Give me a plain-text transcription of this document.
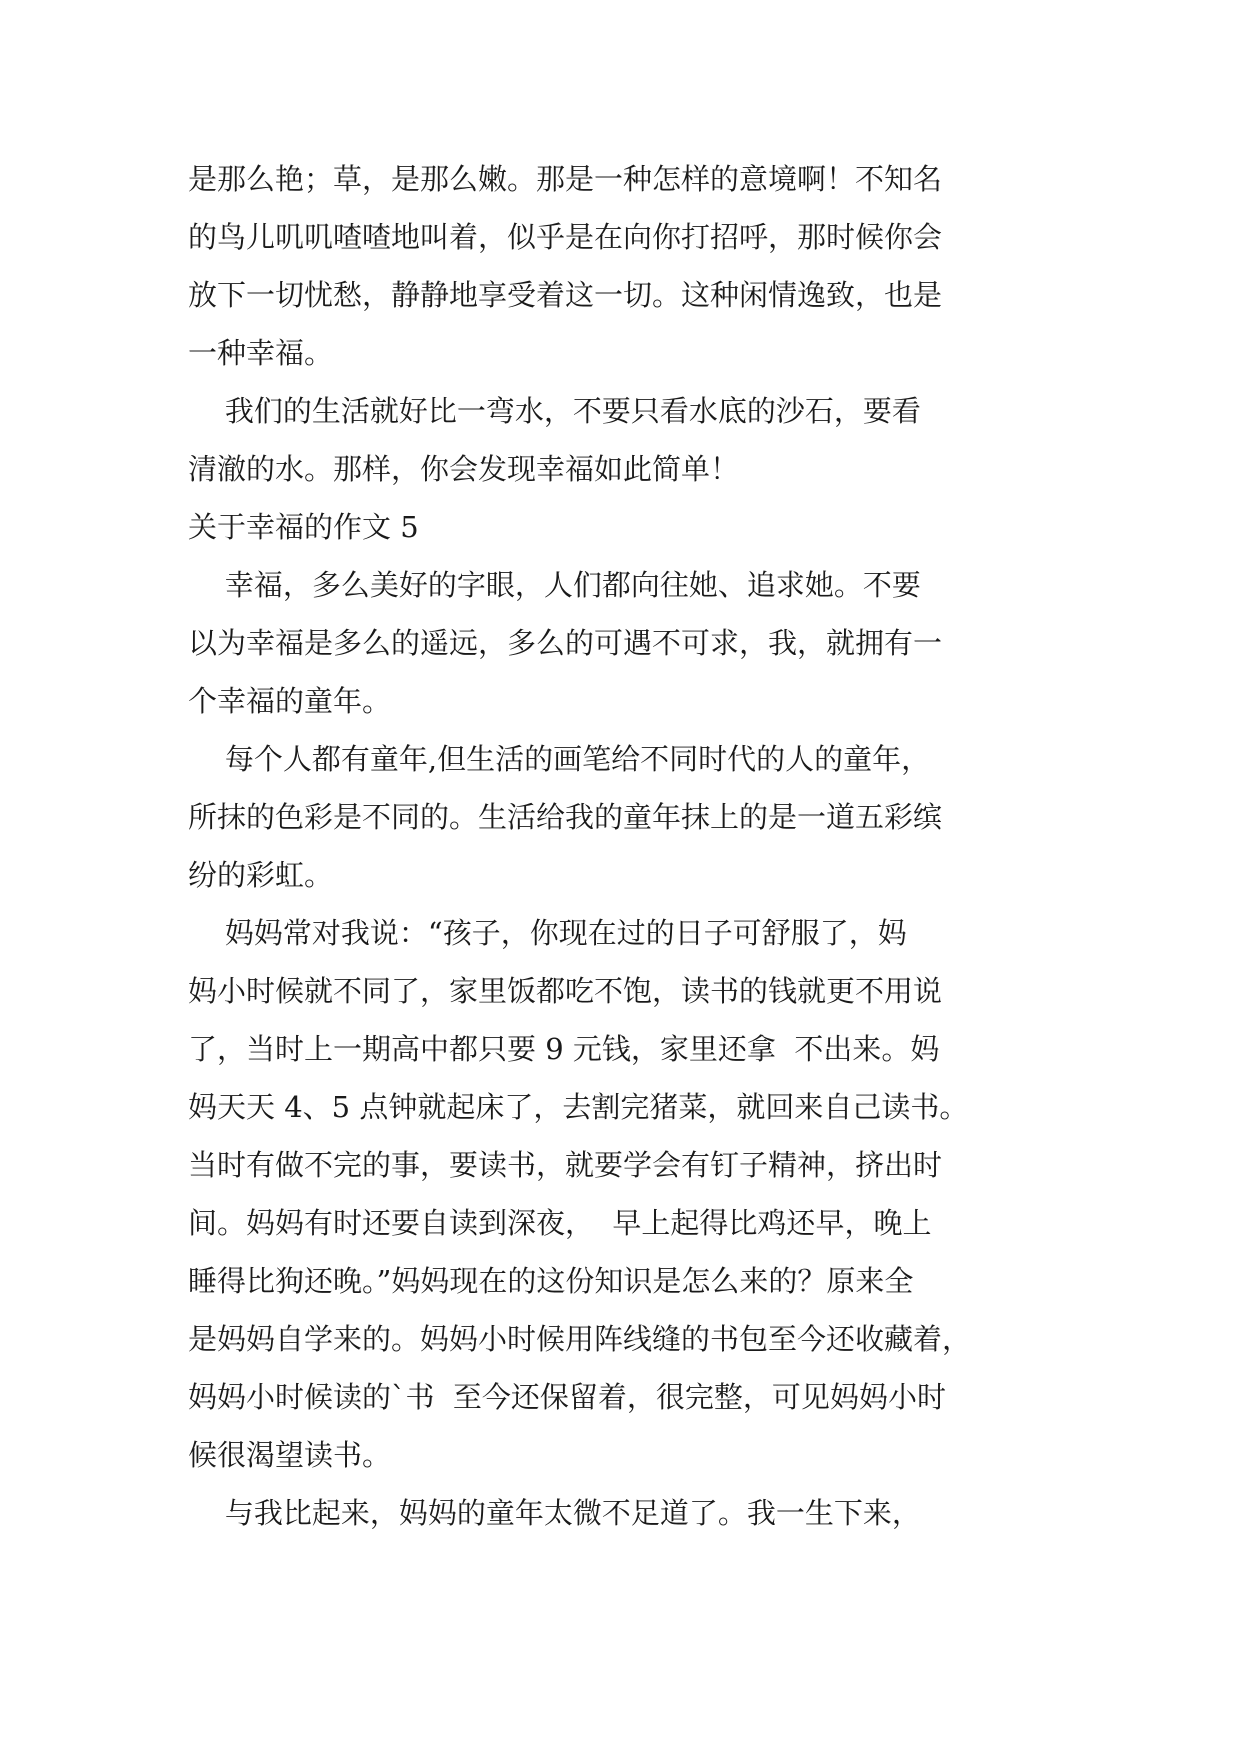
是那么艳；草，是那么嫩。那是一种怎样的意境啊！不知名
的鸟儿叽叽喳喳地叫着，似乎是在向你打招呼，那时候你会
放下一切忧愁，静静地享受着这一切。这种闲情逸致，也是
一种幸福。
我们的生活就好比一弯水，不要只看水底的沙石，要看
清澈的水。那样，你会发现幸福如此简单！
关于幸福的作文 5
幸福，多么美好的字眼，人们都向往她、追求她。不要
以为幸福是多么的遥远，多么的可遇不可求，我，就拥有一
个幸福的童年。
每个人都有童年,但生活的画笔给不同时代的人的童年，
所抹的色彩是不同的。生活给我的童年抹上的是一道五彩缤
纷的彩虹。
妈妈常对我说：“孩子，你现在过的日子可舒服了，妈
妈小时候就不同了，家里饭都吃不饱，读书的钱就更不用说
了，当时上一期高中都只要 9 元钱，家里还拿  不出来。妈
妈天天 4、5 点钟就起床了，去割完猪菜，就回来自己读书。
当时有做不完的事，要读书，就要学会有钉子精神，挤出时
间。妈妈有时还要自读到深夜，  早上起得比鸡还早，晚上
睡得比狗还晚。”妈妈现在的这份知识是怎么来的？原来全
是妈妈自学来的。妈妈小时候用阵线缝的书包至今还收藏着，
妈妈小时候读的`书  至今还保留着，很完整，可见妈妈小时
候很渴望读书。
与我比起来，妈妈的童年太微不足道了。我一生下来，
